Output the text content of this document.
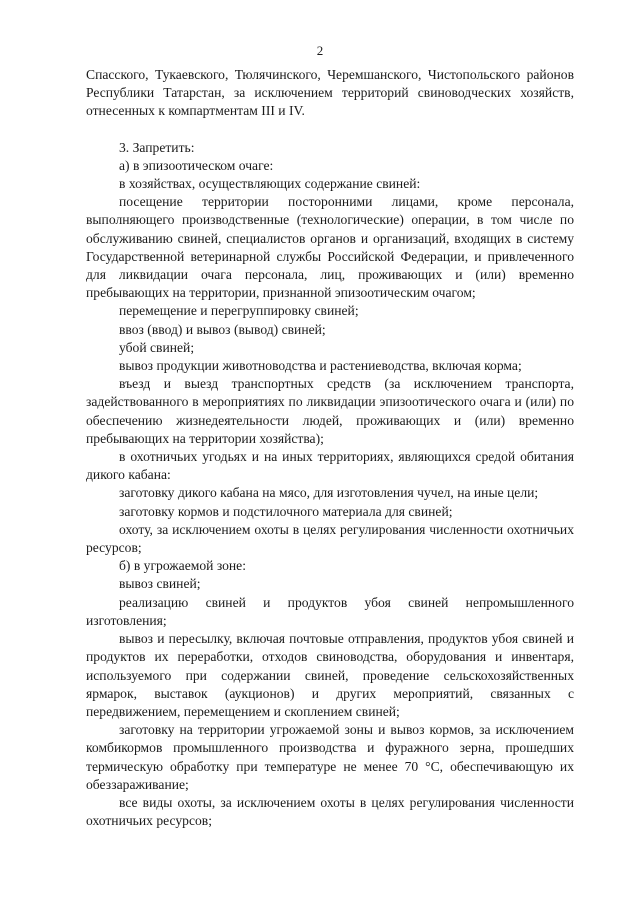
2

Спасского, Тукаевского, Тюлячинского, Черемшанского, Чистопольского районов Республики Татарстан, за исключением территорий свиноводческих хозяйств, отнесенных к компартментам III и IV.

3. Запретить:

а) в эпизоотическом очаге:

в хозяйствах, осуществляющих содержание свиней:

посещение территории посторонними лицами, кроме персонала, выполняющего производственные (технологические) операции, в том числе по обслуживанию свиней, специалистов органов и организаций, входящих в систему Государственной ветеринарной службы Российской Федерации, и привлеченного для ликвидации очага персонала, лиц, проживающих и (или) временно пребывающих на территории, признанной эпизоотическим очагом;

перемещение и перегруппировку свиней;

ввоз (ввод) и вывоз (вывод) свиней;

убой свиней;

вывоз продукции животноводства и растениеводства, включая корма;

въезд и выезд транспортных средств (за исключением транспорта, задействованного в мероприятиях по ликвидации эпизоотического очага и (или) по обеспечению жизнедеятельности людей, проживающих и (или) временно пребывающих на территории хозяйства);

в охотничьих угодьях и на иных территориях, являющихся средой обитания дикого кабана:

заготовку дикого кабана на мясо, для изготовления чучел, на иные цели;

заготовку кормов и подстилочного материала для свиней;

охоту, за исключением охоты в целях регулирования численности охотничьих ресурсов;

б) в угрожаемой зоне:

вывоз свиней;

реализацию свиней и продуктов убоя свиней непромышленного изготовления;

вывоз и пересылку, включая почтовые отправления, продуктов убоя свиней и продуктов их переработки, отходов свиноводства, оборудования и инвентаря, используемого при содержании свиней, проведение сельскохозяйственных ярмарок, выставок (аукционов) и других мероприятий, связанных с передвижением, перемещением и скоплением свиней;

заготовку на территории угрожаемой зоны и вывоз кормов, за исключением комбикормов промышленного производства и фуражного зерна, прошедших термическую обработку при температуре не менее 70 °С, обеспечивающую их обеззараживание;

все виды охоты, за исключением охоты в целях регулирования численности охотничьих ресурсов;
